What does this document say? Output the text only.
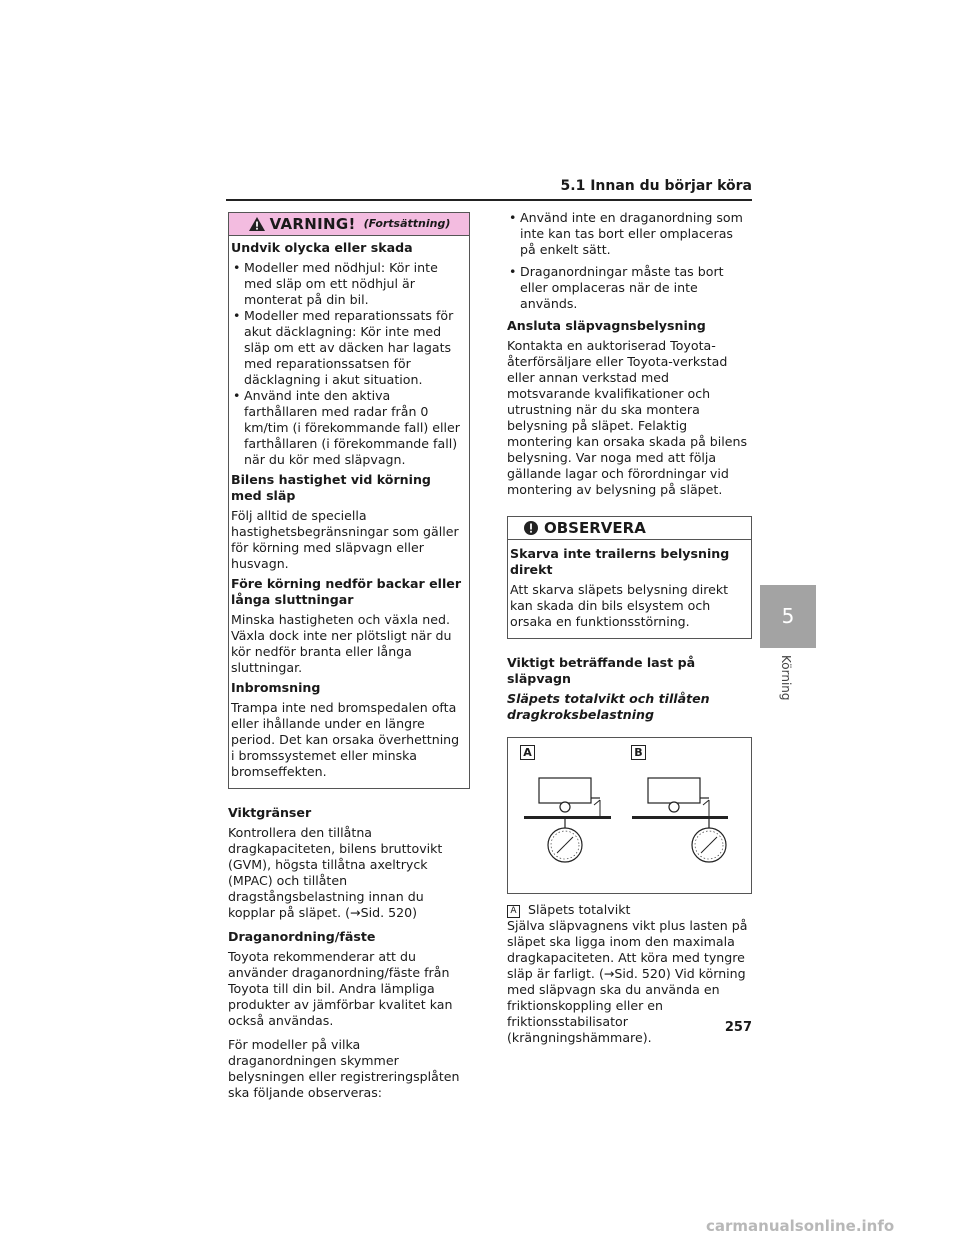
5.1 Innan du börjar köra
VARNING! (Fortsättning)
Undvik olycka eller skada
• Modeller med nödhjul: Kör inte med släp om ett nödhjul är monterat på din bil.
• Modeller med reparationssats för akut däcklagning: Kör inte med släp om ett av däcken har lagats med reparationssatsen för däcklagning i akut situation.
• Använd inte den aktiva farthållaren med radar från 0 km/tim (i förekommande fall) eller farthållaren (i förekommande fall) när du kör med släpvagn.
Bilens hastighet vid körning med släp

Följ alltid de speciella hastighetsbegränsningar som gäller för körning med släpvagn eller husvagn.

Före körning nedför backar eller långa sluttningar

Minska hastigheten och växla ned. Växla dock inte ner plötsligt när du kör nedför branta eller långa sluttningar.

Inbromsning

Trampa inte ned bromspedalen ofta eller ihållande under en längre period. Det kan orsaka överhettning i bromssystemet eller minska bromseffekten.

Viktgränser

Kontrollera den tillåtna dragkapaciteten, bilens bruttovikt (GVM), högsta tillåtna axeltryck (MPAC) och tillåten dragstångsbelastning innan du kopplar på släpet. (→Sid. 520)

Draganordning/fäste

Toyota rekommenderar att du använder draganordning/fäste från Toyota till din bil. Andra lämpliga produkter av jämförbar kvalitet kan också användas.

För modeller på vilka draganordningen skymmer belysningen eller registreringsplåten ska följande observeras:

• Använd inte en draganordning som inte kan tas bort eller omplaceras på enkelt sätt.
• Draganordningar måste tas bort eller omplaceras när de inte används.
Ansluta släpvagnsbelysning

Kontakta en auktoriserad Toyota-återförsäljare eller Toyota-verkstad eller annan verkstad med motsvarande kvalifikationer och utrustning när du ska montera belysning på släpet. Felaktig montering kan orsaka skada på bilens belysning. Var noga med att följa gällande lagar och förordningar vid montering av belysning på släpet.

OBSERVERA
Skarva inte trailerns belysning direkt

Att skarva släpets belysning direkt kan skada din bils elsystem och orsaka en funktionsstörning.

Viktigt beträffande last på släpvagn
Släpets totalvikt och tillåten dragkroksbelastning
A	B
A Släpets totalvikt

Själva släpvagnens vikt plus lasten på släpet ska ligga inom den maximala dragkapaciteten. Att köra med tyngre släp är farligt. (→Sid. 520) Vid körning med släpvagn ska du använda en friktionskoppling eller en friktionsstabilisator (krängningshämmare).

5
Körning
257
carmanualsonline.info
